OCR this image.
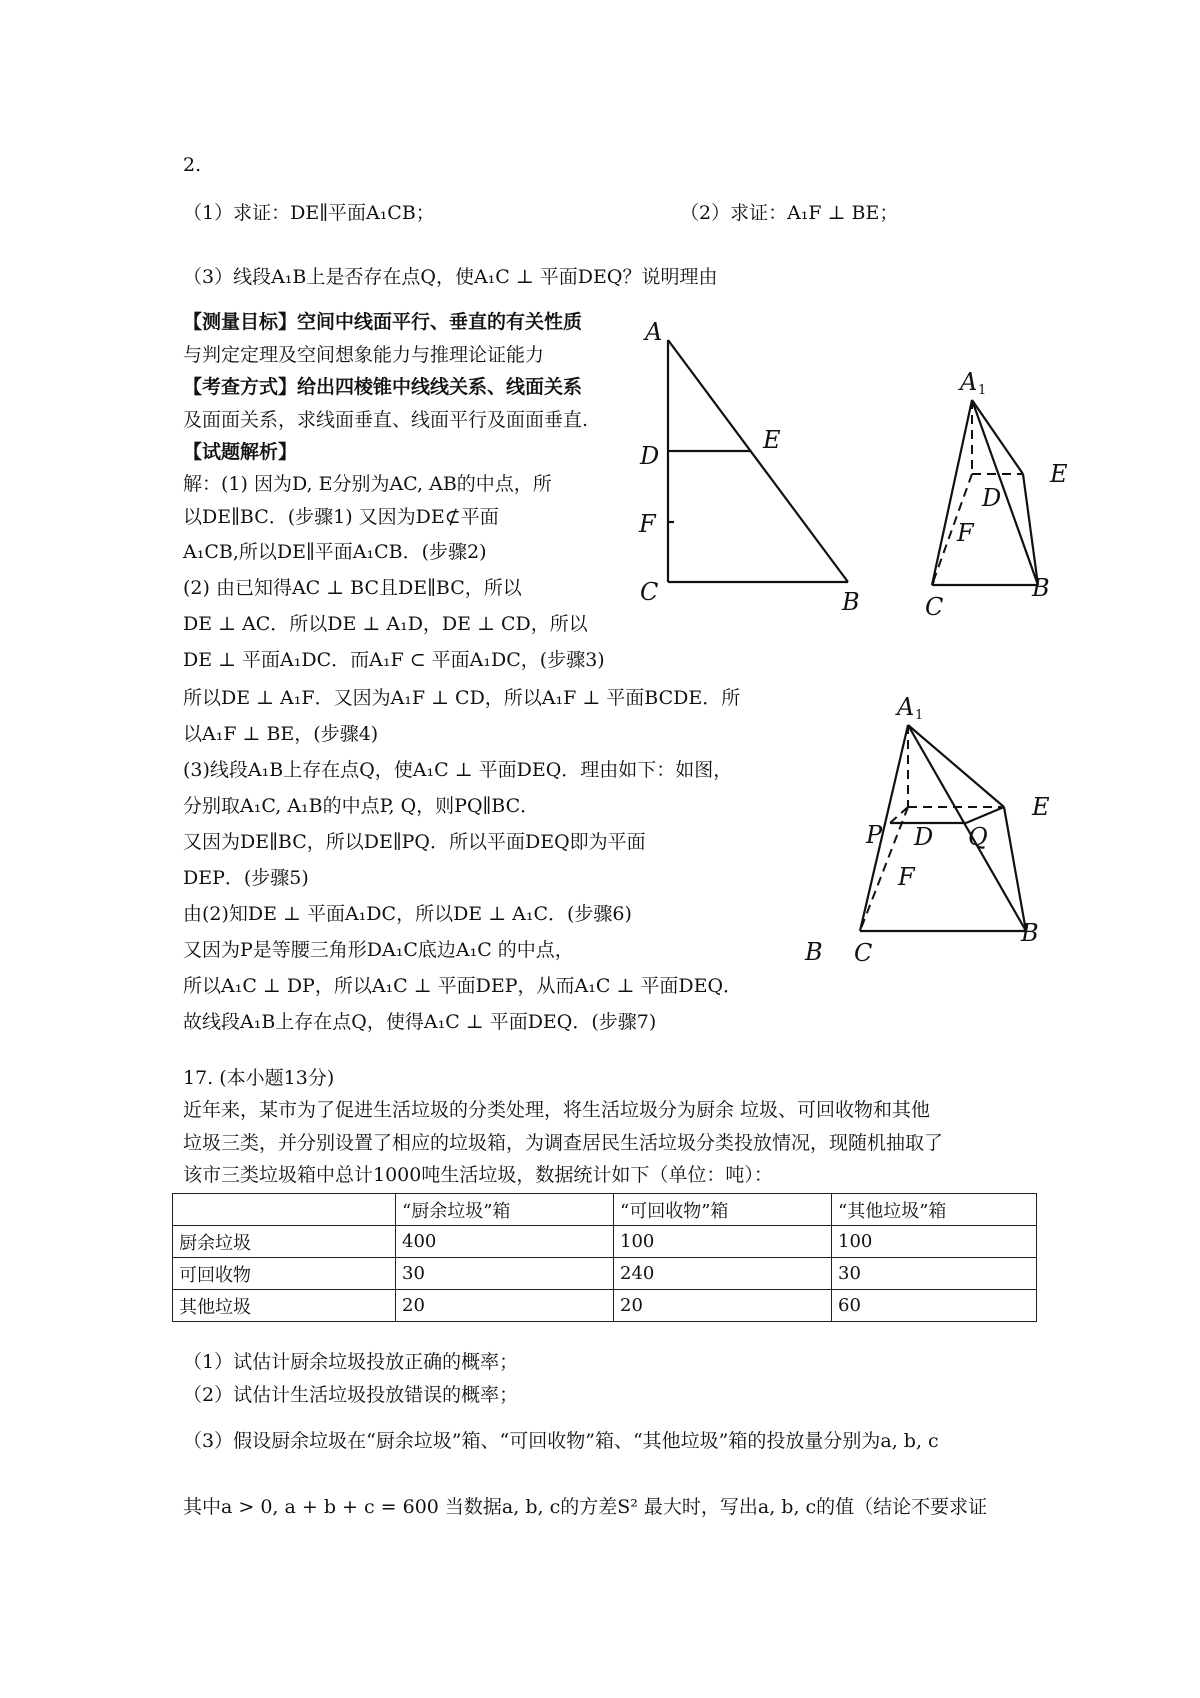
2.
（1）求证：DE∥平面A₁CB；	（2）求证：A₁F ⊥ BE；
（3）线段A₁B上是否存在点Q，使A₁C ⊥ 平面DEQ？说明理由
【测量目标】空间中线面平行、垂直的有关性质
与判定定理及空间想象能力与推理论证能力
【考查方式】给出四棱锥中线线关系、线面关系
及面面关系，求线面垂直、线面平行及面面垂直.
【试题解析】
解：(1) 因为D, E分别为AC, AB的中点，所
以DE∥BC．(步骤1) 又因为DE⊄平面
A₁CB,所以DE∥平面A₁CB．(步骤2)
(2) 由已知得AC ⊥ BC且DE∥BC，所以
DE ⊥ AC．所以DE ⊥ A₁D，DE ⊥ CD，所以
DE ⊥ 平面A₁DC．而A₁F ⊂ 平面A₁DC，(步骤3)
所以DE ⊥ A₁F．又因为A₁F ⊥ CD，所以A₁F ⊥ 平面BCDE．所
以A₁F ⊥ BE，(步骤4)
(3)线段A₁B上存在点Q，使A₁C ⊥ 平面DEQ．理由如下：如图，
分别取A₁C, A₁B的中点P, Q，则PQ∥BC．
又因为DE∥BC，所以DE∥PQ．所以平面DEQ即为平面
DEP．(步骤5)
由(2)知DE ⊥ 平面A₁DC，所以DE ⊥ A₁C．(步骤6)
又因为P是等腰三角形DA₁C底边A₁C 的中点，
所以A₁C ⊥ DP，所以A₁C ⊥ 平面DEP，从而A₁C ⊥ 平面DEQ．
故线段A₁B上存在点Q，使得A₁C ⊥ 平面DEQ．(步骤7)
A
D
E
F
C	B
A 1
E
D
F
C
B
A 1
E
P D Q
F
C
B
B
17. (本小题13分)
近年来，某市为了促进生活垃圾的分类处理，将生活垃圾分为厨余 垃圾、可回收物和其他
垃圾三类，并分别设置了相应的垃圾箱，为调查居民生活垃圾分类投放情况，现随机抽取了
该市三类垃圾箱中总计1000吨生活垃圾，数据统计如下（单位：吨）：
	“厨余垃圾”箱	“可回收物”箱	“其他垃圾”箱
厨余垃圾	400	100	100
可回收物	30	240	30
其他垃圾	20	20	60
（1）试估计厨余垃圾投放正确的概率；
（2）试估计生活垃圾投放错误的概率；
（3）假设厨余垃圾在“厨余垃圾”箱、“可回收物”箱、“其他垃圾”箱的投放量分别为a, b, c
其中a > 0, a + b + c = 600 当数据a, b, c的方差S² 最大时，写出a, b, c的值（结论不要求证
